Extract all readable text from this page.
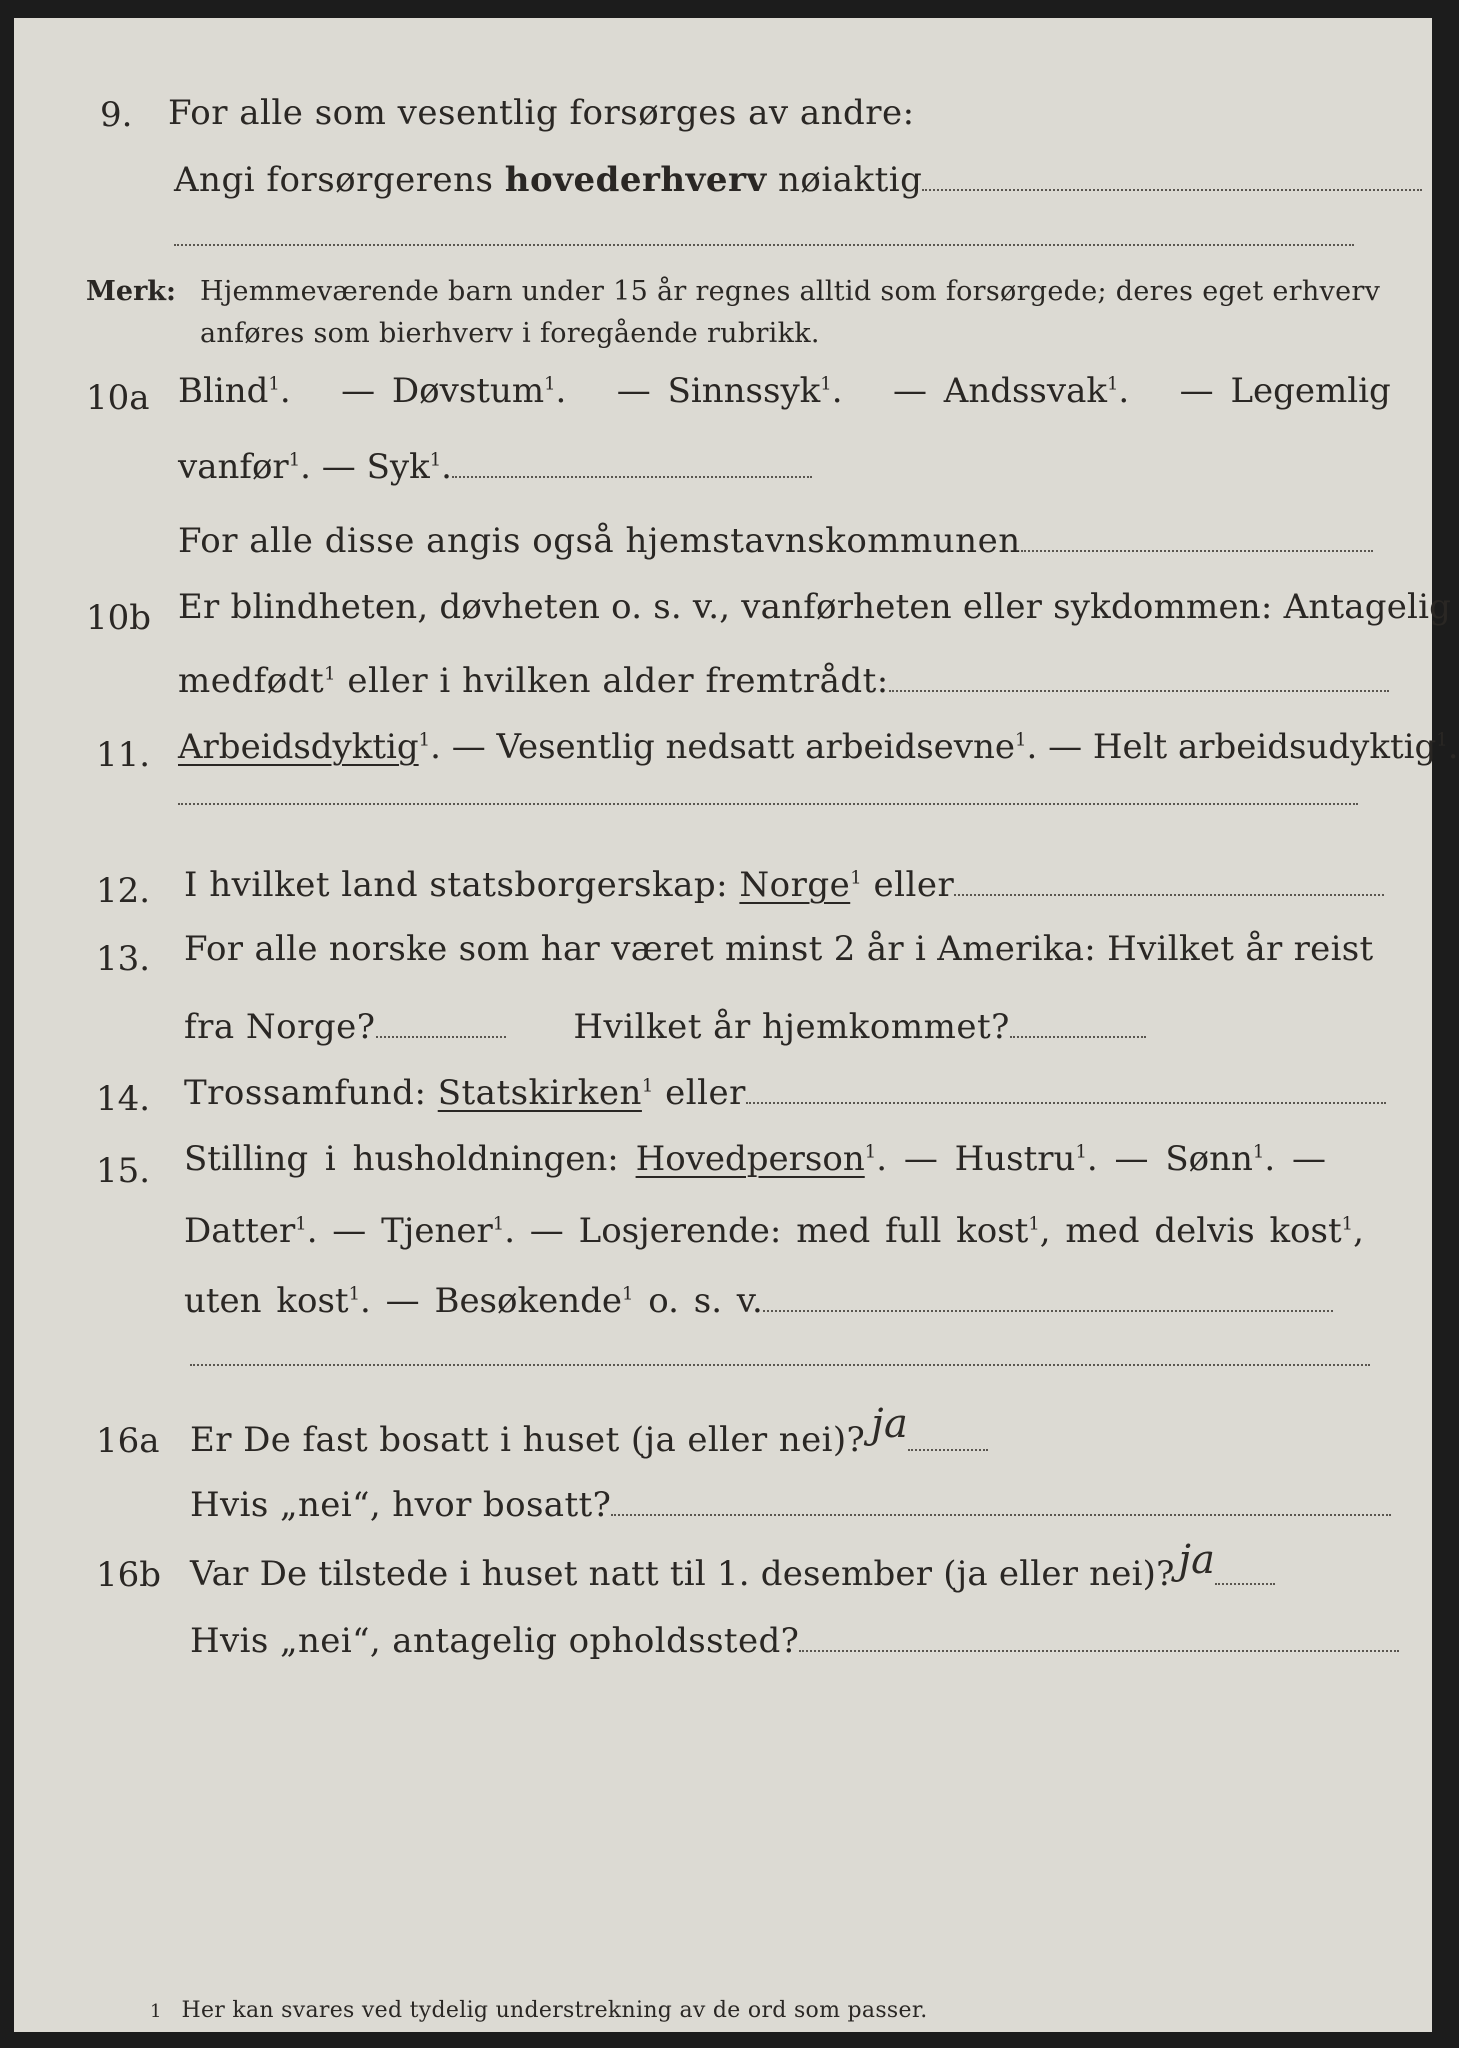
9. For alle som vesentlig forsørges av andre:
Angi forsørgerens hovederhverv nøiaktig
Merk: Hjemmeværende barn under 15 år regnes alltid som forsørgede; deres eget erhverv
anføres som bierhverv i foregående rubrikk.
10a Blind$^1$.   — Døvstum$^1$.   — Sinnssyk$^1$.   — Andssvak$^1$.   — Legemlig
vanfør$^1$. — Syk$^1$.
For alle disse angis også hjemstavnskommunen
10b Er blindheten, døvheten o. s. v., vanførheten eller sykdommen: Antagelig
medfødt$^1$ eller i hvilken alder fremtrådt:
11. Arbeidsdyktig$^1$. — Vesentlig nedsatt arbeidsevne$^1$. — Helt arbeidsudyktig$^1$.
12. I hvilket land statsborgerskap: Norge$^1$ eller
13. For alle norske som har været minst 2 år i Amerika: Hvilket år reist
fra Norge?	Hvilket år hjemkommet?
14. Trossamfund: Statskirken$^1$ eller
15. Stilling i husholdningen: Hovedperson$^1$. — Hustru$^1$. — Sønn$^1$. —
Datter$^1$. — Tjener$^1$. — Losjerende: med full kost$^1$, med delvis kost$^1$,
uten kost$^1$. — Besøkende$^1$ o. s. v.
16a Er De fast bosatt i huset (ja eller nei)? ja
Hvis „nei“, hvor bosatt?
16b Var De tilstede i huset natt til 1. desember (ja eller nei)? ja
Hvis „nei“, antagelig opholdssted?
1 Her kan svares ved tydelig understrekning av de ord som passer.
